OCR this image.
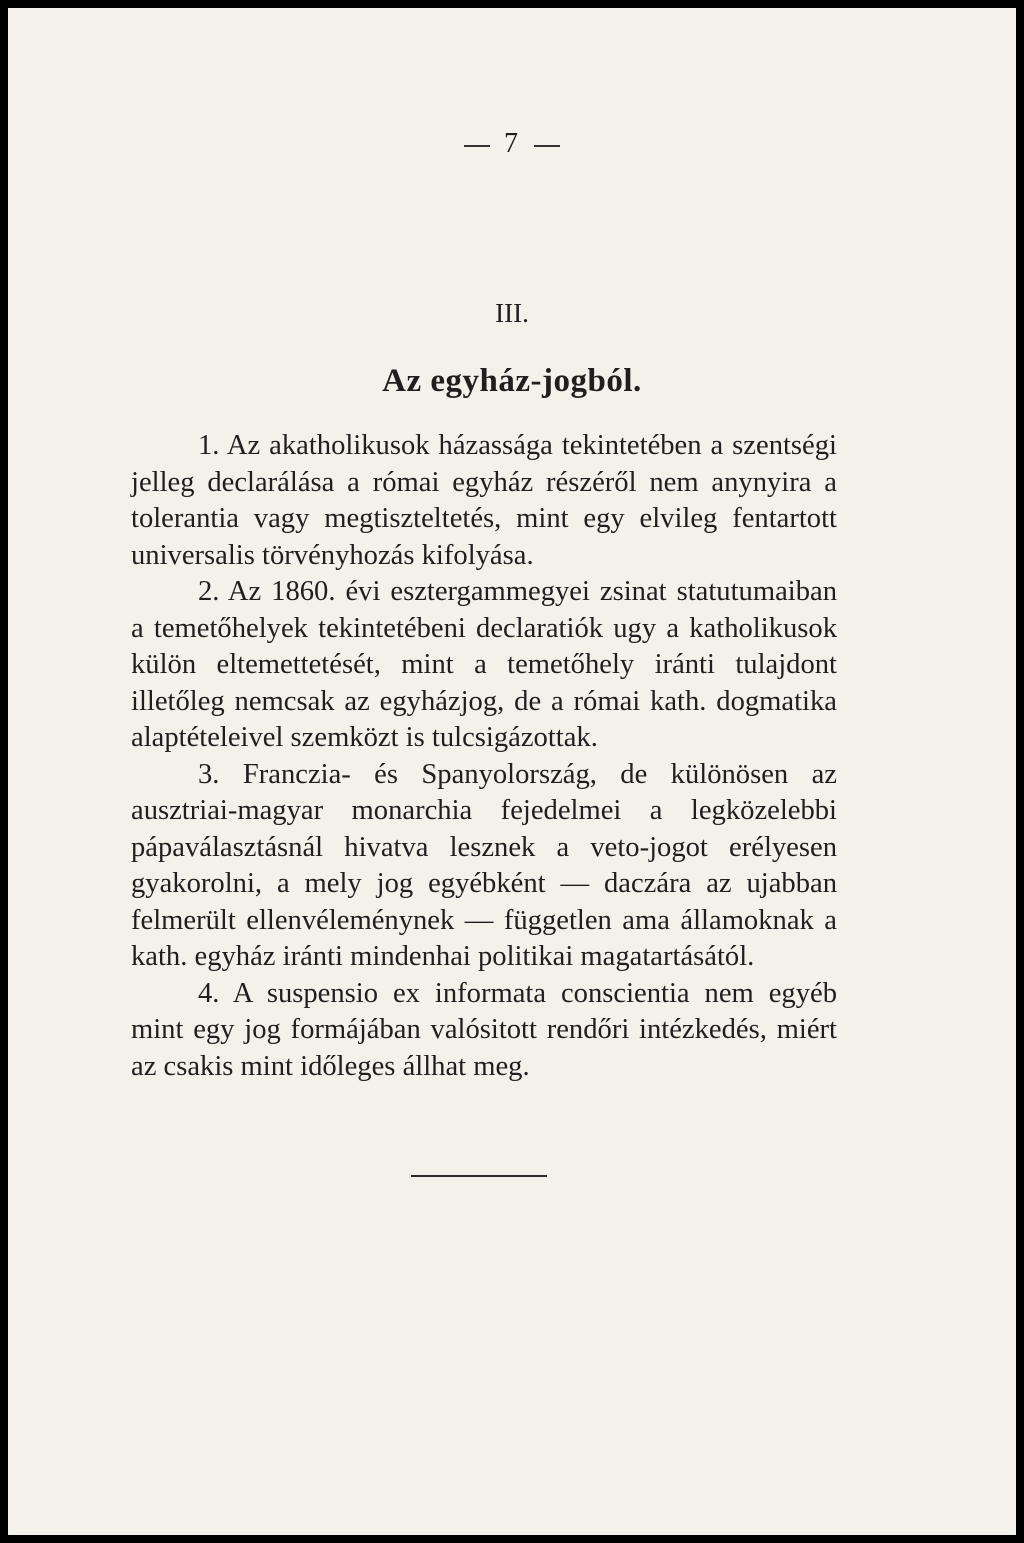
7
III.
Az egyház-jogból.

1. Az akatholikusok házassága tekintetében a szentségi jelleg declarálása a római egyház részéről nem anynyira a tolerantia vagy megtiszteltetés, mint egy elvileg fentartott universalis törvényhozás kifolyása.

2. Az 1860. évi esztergammegyei zsinat statutumaiban a temetőhelyek tekintetébeni declaratiók ugy a katholikusok külön eltemettetését, mint a temetőhely iránti tulajdont illetőleg nemcsak az egyházjog, de a római kath. dogmatika alaptételeivel szemközt is tulcsigázottak.

3. Franczia- és Spanyolország, de különösen az ausztriai-magyar monarchia fejedelmei a legközelebbi pápaválasztásnál hivatva lesznek a veto-jogot erélyesen gyakorolni, a mely jog egyébként — daczára az ujabban felmerült ellenvéleménynek — független ama államoknak a kath. egyház iránti mindenhai politikai magatartásától.

4. A suspensio ex informata conscientia nem egyéb mint egy jog formájában valósitott rendőri intézkedés, miért az csakis mint időleges állhat meg.
